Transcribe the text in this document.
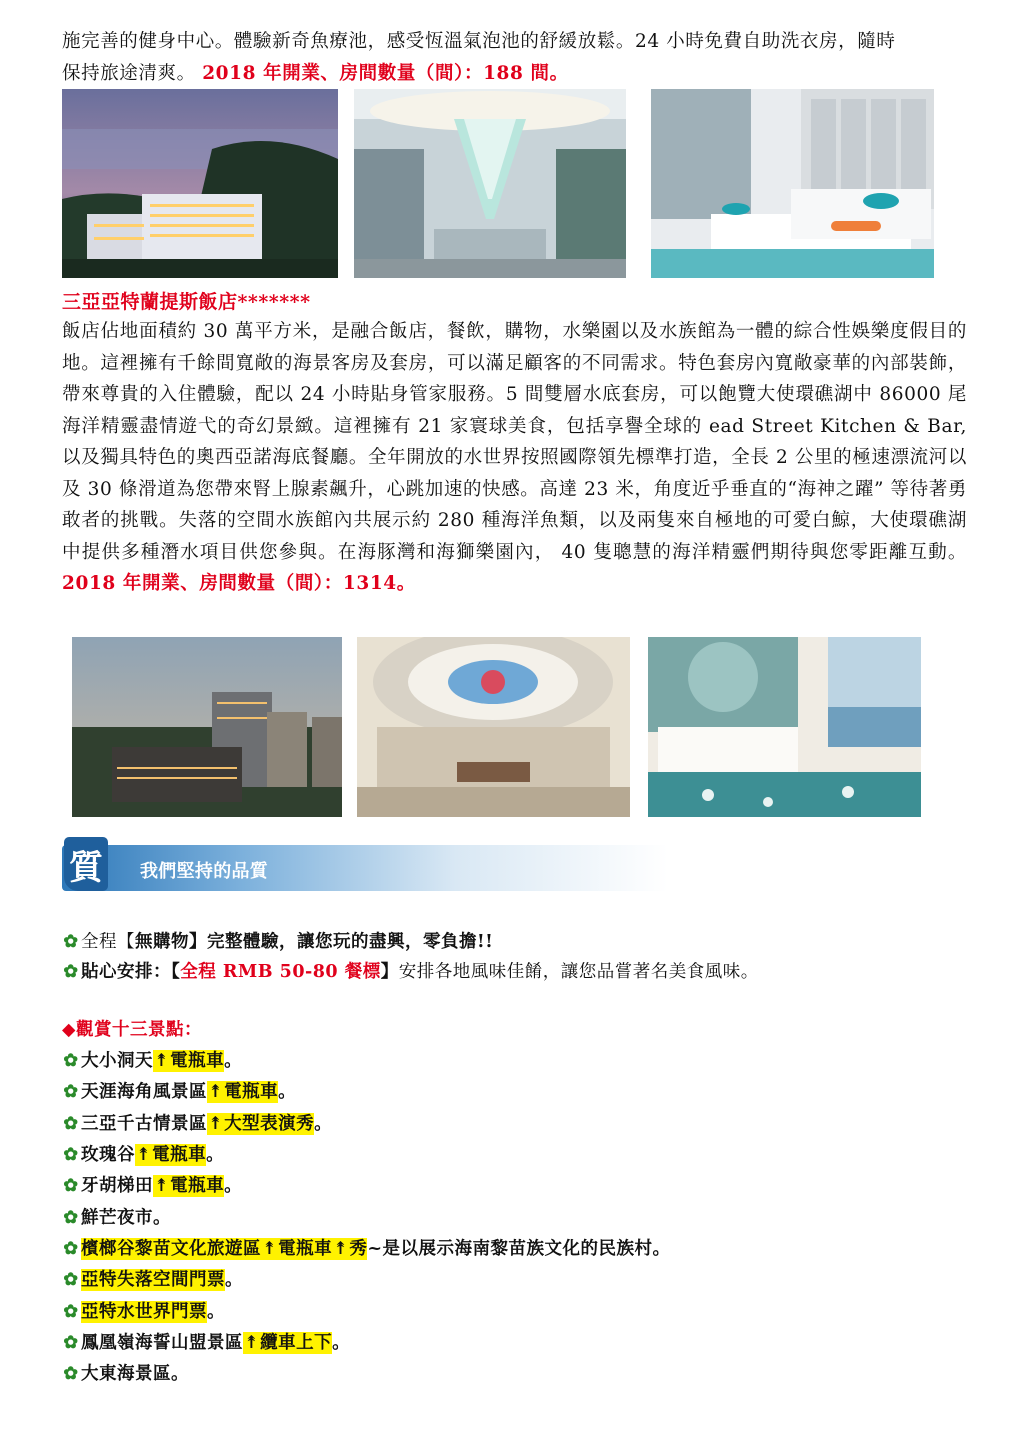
施完善的健身中心。體驗新奇魚療池，感受恆溫氣泡池的舒緩放鬆。24 小時免費自助洗衣房，隨時
保持旅途清爽。 2018 年開業、房間數量（間）：188 間。
三亞亞特蘭提斯飯店*******
飯店佔地面積約 30 萬平方米，是融合飯店，餐飲，購物，水樂園以及水族館為一體的綜合性娛樂度假目的地。這裡擁有千餘間寬敞的海景客房及套房，可以滿足顧客的不同需求。特色套房內寬敞豪華的內部裝飾，帶來尊貴的入住體驗，配以 24 小時貼身管家服務。5 間雙層水底套房，可以飽覽大使環礁湖中 86000 尾海洋精靈盡情遊弋的奇幻景緻。這裡擁有 21 家寰球美食，包括享譽全球的 ead Street Kitchen & Bar, 以及獨具特色的奧西亞諾海底餐廳。全年開放的水世界按照國際領先標準打造，全長 2 公里的極速漂流河以及 30 條滑道為您帶來腎上腺素飆升，心跳加速的快感。高達 23 米，角度近乎垂直的“海神之躍” 等待著勇敢者的挑戰。失落的空間水族館內共展示約 280 種海洋魚類，以及兩隻來自極地的可愛白鯨，大使環礁湖中提供多種潛水項目供您參與。在海豚灣和海獅樂園內， 40 隻聰慧的海洋精靈們期待與您零距離互動。2018 年開業、房間數量（間）：1314。
質 我們堅持的品質
✿ 全程【無購物】完整體驗，讓您玩的盡興，零負擔!!
✿ 貼心安排：【全程 RMB 50-80 餐標】安排各地風味佳餚，讓您品嘗著名美食風味。
◆觀賞十三景點：
✿ 大小洞天↟電瓶車。
✿ 天涯海角風景區↟電瓶車。
✿ 三亞千古情景區↟大型表演秀。
✿ 玫瑰谷↟電瓶車。
✿ 牙胡梯田↟電瓶車。
✿ 鮮芒夜市。
✿ 檳榔谷黎苗文化旅遊區↟電瓶車↟秀~是以展示海南黎苗族文化的民族村。
✿ 亞特失落空間門票。
✿ 亞特水世界門票。
✿ 鳳凰嶺海誓山盟景區↟纜車上下。
✿ 大東海景區。
